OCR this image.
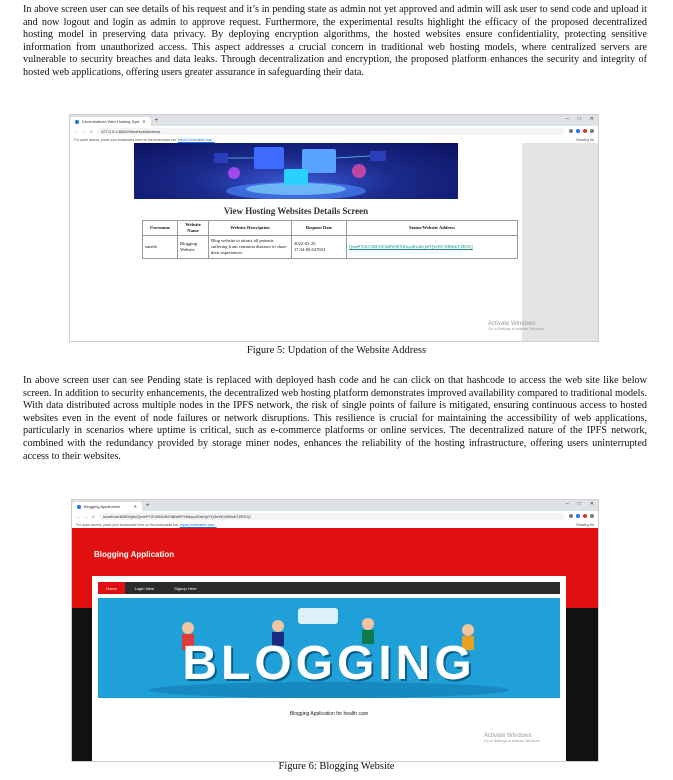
In above screen user can see details of his request and it’s in pending state as admin not yet approved and admin will ask user to send code and upload it and now logout and login as admin to approve request. Furthermore, the experimental results highlight the efficacy of the proposed decentralized hosting model in preserving data privacy. By deploying encryption algorithms, the hosted websites ensure confidentiality, protecting sensitive information from unauthorized access. This aspect addresses a crucial concern in traditional web hosting models, where centralized servers are vulnerable to security breaches and data leaks. Through decentralization and encryption, the proposed platform enhances the security and integrity of hosted web applications, offering users greater assurance in safeguarding their data.

Decentralized Web Hosting Syst ✕	+	– □ ✕
← → C 127.0.0.1:8000/ViewHostAddress
For quick access, place your bookmarks here on the bookmarks bar.
Import bookmarks now...	Reading list
View Hosting Websites Details Screen
Username	Website Name	Website Description	Request Date	Status/Website Address
suresh	Blogging Website	Blog website to attract all patients suffering from common diseases to share their experiences	2022-03-25 17:34:00.637653	QmePY2U5MUtNTaBWtPXb5qcdGdrUjrFQ3eWCMMzbTZRXQ
Activate Windows
Go to Settings to activate Windows.
Figure 5: Updation of the Website Address

In above screen user can see Pending state is replaced with deployed hash code and he can click on that hashcode to access the web site like below screen. In addition to security enhancements, the decentralized web hosting platform demonstrates improved availability compared to traditional models. With data distributed across multiple nodes in the IPFS network, the risk of single points of failure is mitigated, ensuring continuous access to hosted websites even in the event of node failures or network disruptions. This resilience is crucial for maintaining the accessibility of web applications, particularly in scenarios where uptime is critical, such as e-commerce platforms or online services. The decentralized nature of the IPFS network, combined with the redundancy provided by storage miner nodes, enhances the reliability of the hosting infrastructure, offering users uninterrupted access to their websites.

Blogging Application	✕	+	– □ ✕
← → C localhost:8080/ipfs/QmePY2U5MUtNTaBWtPXb5qcdGdrUjrFQ3eWCMMzbTZRXQ/
For quick access, place your bookmarks here on the bookmarks bar.
Import bookmarks now...	Reading list
Blogging Application
Home	Login Here	Signup Here
BLOGGING
Blogging Application for health care
Activate Windows
Go to Settings to activate Windows.
Figure 6: Blogging Website
